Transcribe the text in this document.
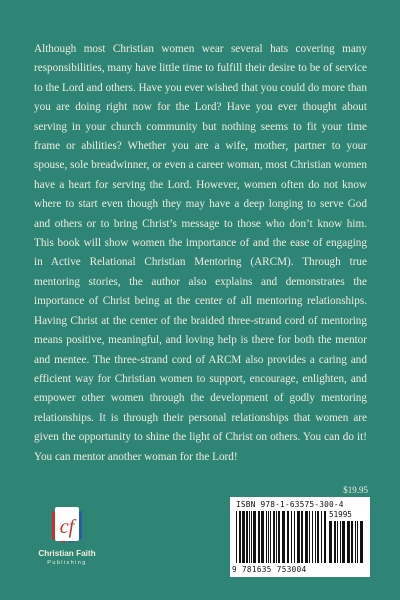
Although most Christian women wear several hats covering many responsibilities, many have little time to fulfill their desire to be of service to the Lord and others. Have you ever wished that you could do more than you are doing right now for the Lord? Have you ever thought about serving in your church community but nothing seems to fit your time frame or abilities? Whether you are a wife, mother, partner to your spouse, sole breadwinner, or even a career woman, most Christian women have a heart for serving the Lord. However, women often do not know where to start even though they may have a deep longing to serve God and others or to bring Christ’s message to those who don’t know him. This book will show women the importance of and the ease of engaging in Active Relational Christian Mentoring (ARCM). Through true mentoring stories, the author also explains and demonstrates the importance of Christ being at the center of all mentoring relationships. Having Christ at the center of the braided three-strand cord of mentoring means positive, meaningful, and loving help is there for both the mentor and mentee. The three-strand cord of ARCM also provides a caring and efficient way for Christian women to support, encourage, enlighten, and empower other women through the development of godly mentoring relationships. It is through their personal relationships that women are given the opportunity to shine the light of Christ on others. You can do it! You can mentor another woman for the Lord!

$19.95
ISBN 978-1-63575-300-4
51995
9 781635 753004
cf
Christian Faith
Publishing
